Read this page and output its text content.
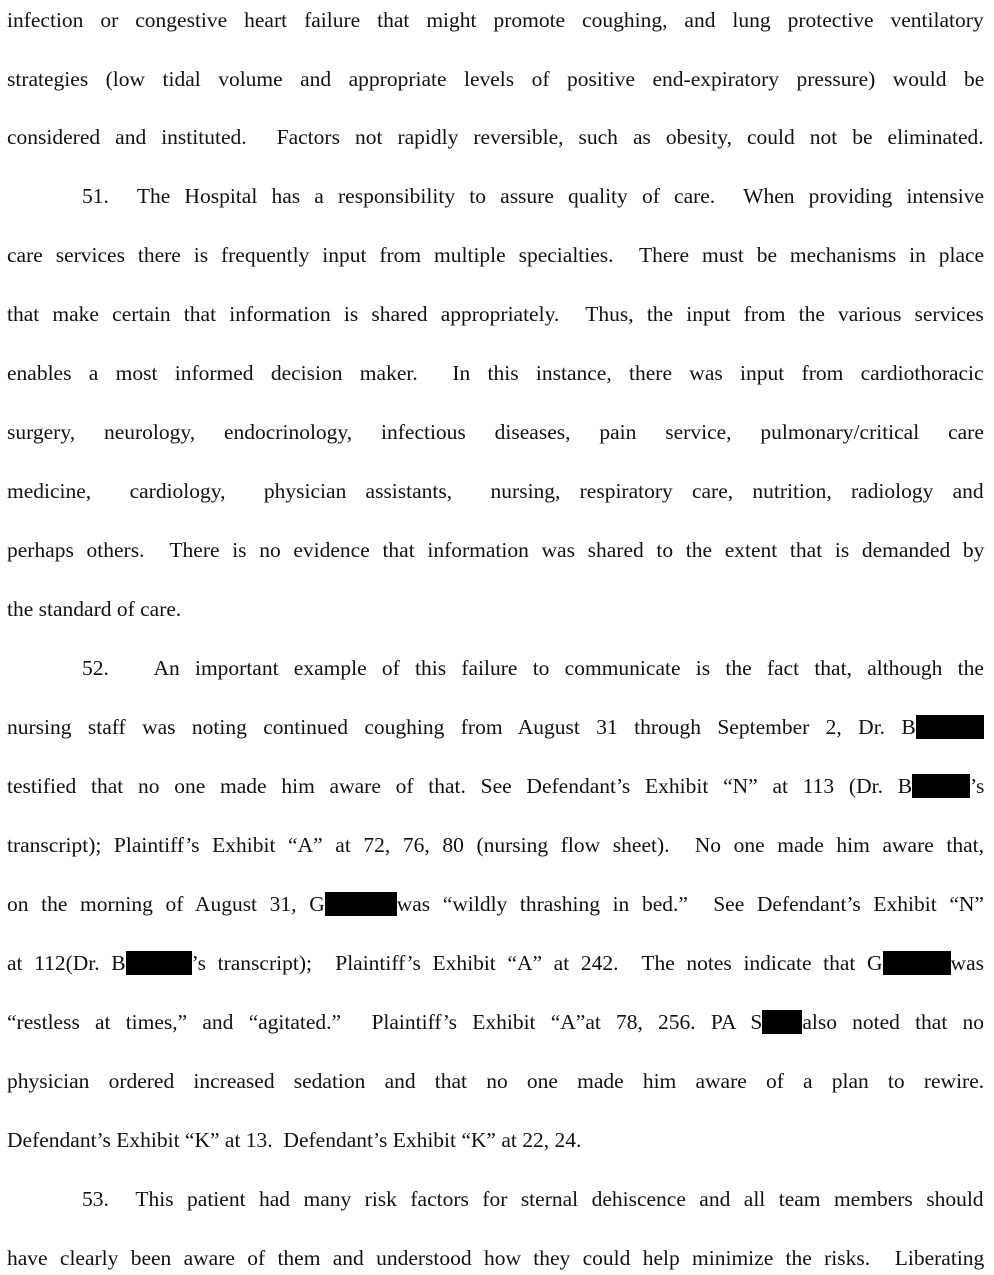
infection or congestive heart failure that might promote coughing, and lung protective ventilatory
strategies (low tidal volume and appropriate levels of positive end-expiratory pressure) would be
considered and instituted.  Factors not rapidly reversible, such as obesity, could not be eliminated.
51.  The Hospital has a responsibility to assure quality of care.  When providing intensive
care services there is frequently input from multiple specialties.  There must be mechanisms in place
that make certain that information is shared appropriately.  Thus, the input from the various services
enables a most informed decision maker.  In this instance, there was input from cardiothoracic
surgery, neurology, endocrinology, infectious diseases, pain service, pulmonary/critical care
medicine,  cardiology,  physician assistants,  nursing, respiratory care, nutrition, radiology and
perhaps others.  There is no evidence that information was shared to the extent that is demanded by
the standard of care.
52.   An important example of this failure to communicate is the fact that, although the
nursing staff was noting continued coughing from August 31 through September 2, Dr. B
testified that no one made him aware of that. See Defendant’s Exhibit “N” at 113 (Dr. B	’s
transcript); Plaintiff’s Exhibit “A” at 72, 76, 80 (nursing flow sheet).  No one made him aware that,
on the morning of August 31, G	was “wildly thrashing in bed.”  See Defendant’s Exhibit “N”
at 112(Dr. B	’s transcript);  Plaintiff’s Exhibit “A” at 242.  The notes indicate that G	was
“restless at times,” and “agitated.”  Plaintiff’s Exhibit “A”at 78, 256. PA S also noted that no
physician ordered increased sedation and that no one made him aware of a plan to rewire.
Defendant’s Exhibit “K” at 13.  Defendant’s Exhibit “K” at 22, 24.
53.  This patient had many risk factors for sternal dehiscence and all team members should
have clearly been aware of them and understood how they could help minimize the risks.  Liberating
